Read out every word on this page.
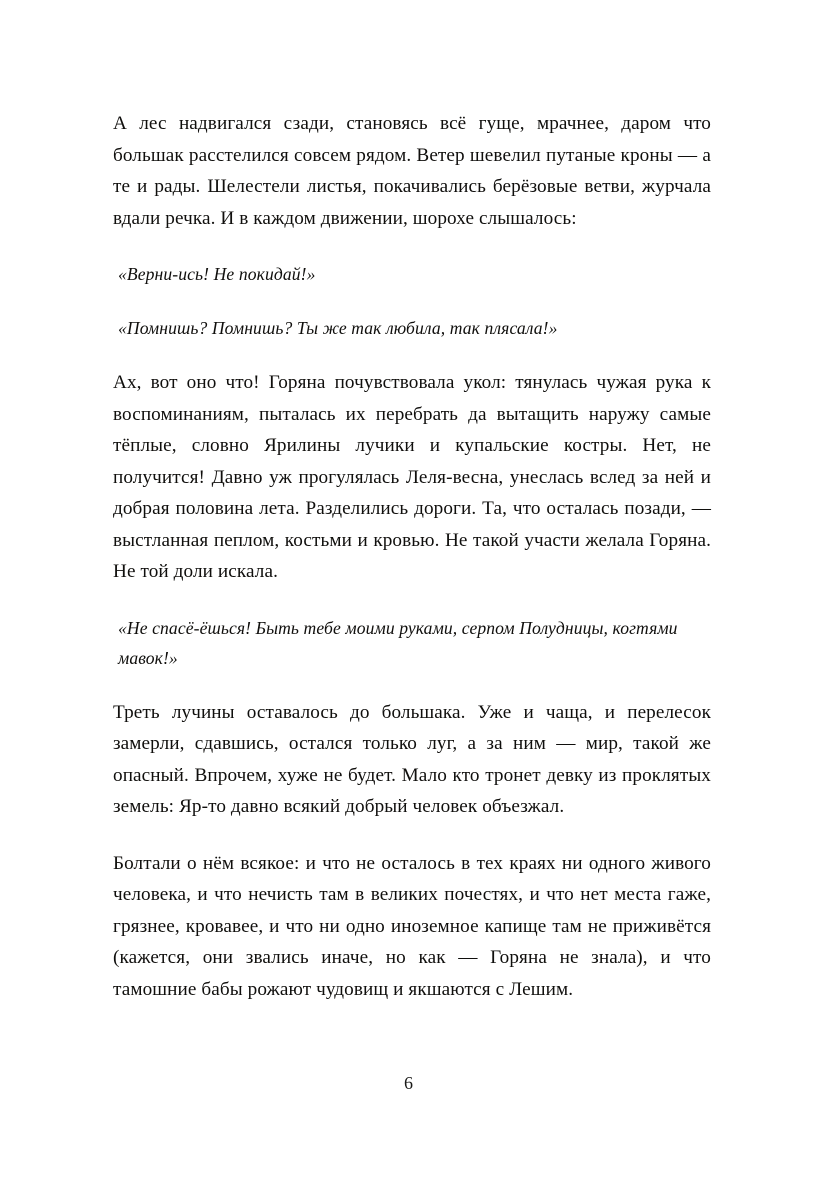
А лес надвигался сзади, становясь всё гуще, мрачнее, даром что большак расстелился совсем рядом. Ветер шевелил путаные кроны — а те и рады. Шелестели листья, покачивались берёзовые ветви, журчала вдали речка. И в каждом движении, шорохе слышалось:

«Верни-ись! Не покидай!»

«Помнишь? Помнишь? Ты же так любила, так плясала!»

Ах, вот оно что! Горяна почувствовала укол: тянулась чужая рука к воспоминаниям, пыталась их перебрать да вытащить наружу самые тёплые, словно Ярилины лучики и купальские костры. Нет, не получится! Давно уж прогулялась Леля-весна, унеслась вслед за ней и добрая половина лета. Разделились дороги. Та, что осталась позади, — выстланная пеплом, костьми и кровью. Не такой участи желала Горяна. Не той доли искала.

«Не спасё-ёшься! Быть тебе моими руками, серпом Полудницы, когтями мавок!»

Треть лучины оставалось до большака. Уже и чаща, и перелесок замерли, сдавшись, остался только луг, а за ним — мир, такой же опасный. Впрочем, хуже не будет. Мало кто тронет девку из проклятых земель: Яр-то давно всякий добрый человек объезжал.

Болтали о нём всякое: и что не осталось в тех краях ни одного живого человека, и что нечисть там в великих почестях, и что нет места гаже, грязнее, кровавее, и что ни одно иноземное капище там не приживётся (кажется, они звались иначе, но как — Горяна не знала), и что тамошние бабы рожают чудовищ и якшаются с Лешим.

6
